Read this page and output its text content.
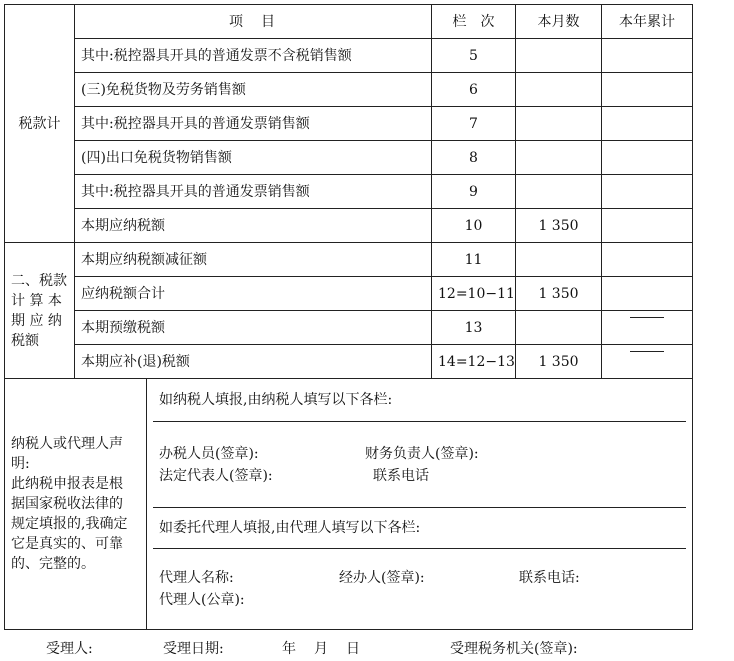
税款计	项　目	栏　次	本月数	本年累计
其中:税控器具开具的普通发票不含税销售额	5		
(三)免税货物及劳务销售额	6		
其中:税控器具开具的普通发票销售额	7		
(四)出口免税货物销售额	8		
其中:税控器具开具的普通发票销售额	9		
本期应纳税额	10	1 350	

二、税款
计 算 本
期 应 纳
税额
	本期应纳税额减征额	11		
应纳税额合计	12=10−11	1 350	
本期预缴税额	13		
本期应补(退)税额	14=12−13	1 350	

纳税人或代理人声
明:
此纳税申报表是根
据国家税收法律的
规定填报的,我确定
它是真实的、可靠
的、完整的。

如纳税人填报,由纳税人填写以下各栏:

办税人员(签章):	财务负责人(签章):
法定代表人(签章):	联系电话

如委托代理人填报,由代理人填写以下各栏:

代理人名称:	经办人(签章):	联系电话:
代理人(公章):
受理人:	受理日期:	年 月 日	受理税务机关(签章):
